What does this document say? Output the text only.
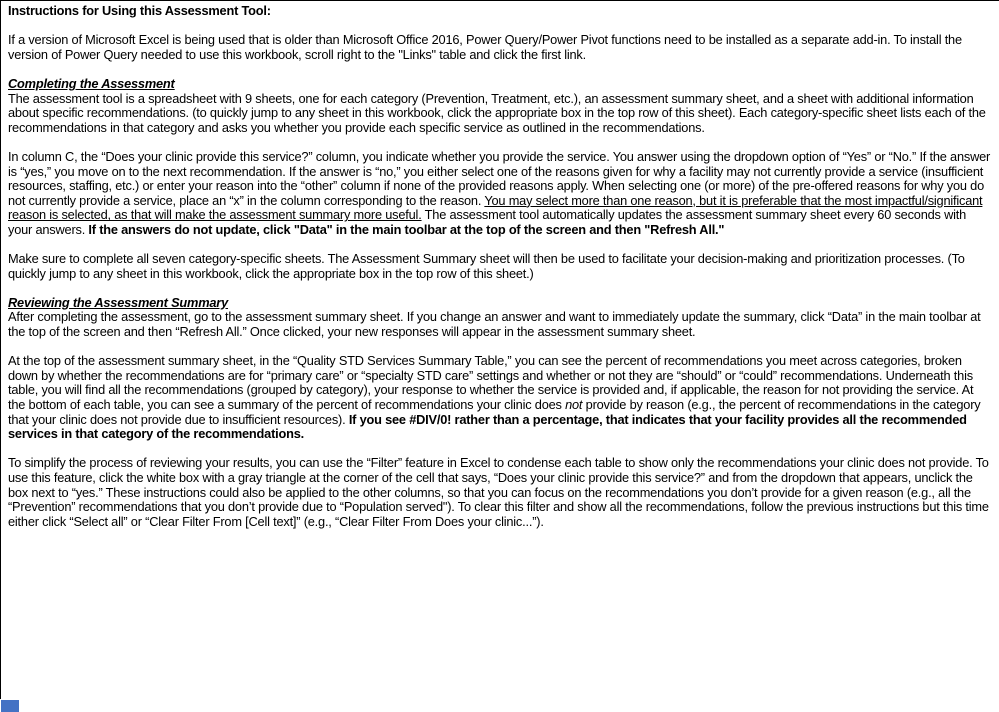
Instructions for Using this Assessment Tool:
If a version of Microsoft Excel is being used that is older than Microsoft Office 2016, Power Query/Power Pivot functions need to be installed as a separate add-in. To install the version of Power Query needed to use this workbook, scroll right to the "Links" table and click the first link.
Completing the Assessment
The assessment tool is a spreadsheet with 9 sheets, one for each category (Prevention, Treatment, etc.), an assessment summary sheet, and a sheet with additional information about specific recommendations. (to quickly jump to any sheet in this workbook, click the appropriate box in the top row of this sheet). Each category-specific sheet lists each of the recommendations in that category and asks you whether you provide each specific service as outlined in the recommendations.
In column C, the “Does your clinic provide this service?” column, you indicate whether you provide the service. You answer using the dropdown option of “Yes” or “No.” If the answer is “yes,” you move on to the next recommendation. If the answer is “no,” you either select one of the reasons given for why a facility may not currently provide a service (insufficient resources, staffing, etc.) or enter your reason into the “other” column if none of the provided reasons apply. When selecting one (or more) of the pre-offered reasons for why you do not currently provide a service, place an “x” in the column corresponding to the reason. You may select more than one reason, but it is preferable that the most impactful/significant reason is selected, as that will make the assessment summary more useful. The assessment tool automatically updates the assessment summary sheet every 60 seconds with your answers. If the answers do not update, click "Data" in the main toolbar at the top of the screen and then "Refresh All."
Make sure to complete all seven category-specific sheets. The Assessment Summary sheet will then be used to facilitate your decision-making and prioritization processes. (To quickly jump to any sheet in this workbook, click the appropriate box in the top row of this sheet.)
Reviewing the Assessment Summary
After completing the assessment, go to the assessment summary sheet. If you change an answer and want to immediately update the summary, click “Data” in the main toolbar at the top of the screen and then “Refresh All.” Once clicked, your new responses will appear in the assessment summary sheet.
At the top of the assessment summary sheet, in the “Quality STD Services Summary Table,” you can see the percent of recommendations you meet across categories, broken down by whether the recommendations are for “primary care” or “specialty STD care” settings and whether or not they are “should” or “could” recommendations. Underneath this table, you will find all the recommendations (grouped by category), your response to whether the service is provided and, if applicable, the reason for not providing the service. At the bottom of each table, you can see a summary of the percent of recommendations your clinic does not provide by reason (e.g., the percent of recommendations in the category that your clinic does not provide due to insufficient resources). If you see #DIV/0! rather than a percentage, that indicates that your facility provides all the recommended services in that category of the recommendations.
To simplify the process of reviewing your results, you can use the “Filter” feature in Excel to condense each table to show only the recommendations your clinic does not provide. To use this feature, click the white box with a gray triangle at the corner of the cell that says, “Does your clinic provide this service?” and from the dropdown that appears, unclick the box next to “yes.” These instructions could also be applied to the other columns, so that you can focus on the recommendations you don’t provide for a given reason (e.g., all the “Prevention” recommendations that you don’t provide due to “Population served"). To clear this filter and show all the recommendations, follow the previous instructions but this time either click “Select all” or “Clear Filter From [Cell text]” (e.g., “Clear Filter From Does your clinic...”).
